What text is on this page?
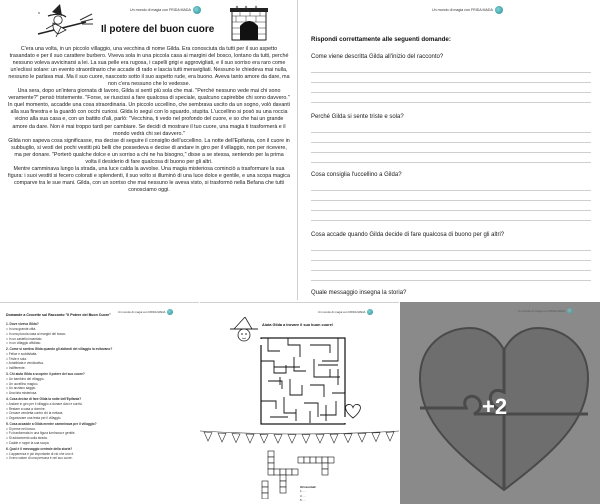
Un mondo di magia con FRIDA MADA
Il potere del buon cuore

C'era una volta, in un piccolo villaggio, una vecchina di nome Gilda. Era conosciuta da tutti per il suo aspetto trasandato e per il suo carattere burbero. Viveva sola in una piccola casa ai margini del bosco, lontano da tutti, perché nessuno voleva avvicinarsi a lei. La sua pelle era rugosa, i capelli grigi e aggrovigliati, e il suo sorriso era raro come un'eclissi solare: un evento straordinario che accade di rado e lascia tutti meravigliati. Nessuno le chiedeva mai nulla, nessuno le parlava mai. Ma il suo cuore, nascosto sotto il suo aspetto rude, era buono. Aveva tanto amore da dare, ma non c'era nessuno che lo vedesse.

Una sera, dopo un'intera giornata di lavoro, Gilda si sentì più sola che mai. "Perché nessuno vede mai chi sono veramente?" pensò tristemente. "Forse, se riuscissi a fare qualcosa di speciale, qualcuno capirebbe chi sono davvero."

In quel momento, accadde una cosa straordinaria. Un piccolo uccellino, che sembrava uscito da un sogno, volò davanti alla sua finestra e la guardò con occhi curiosi. Gilda lo seguì con lo sguardo, stupita. L'uccellino si posò su una roccia vicino alla sua casa e, con un battito d'ali, parlò: "Vecchina, ti vedo nel profondo del cuore, e so che hai un grande amore da dare. Non è mai troppo tardi per cambiare. Se decidi di mostrare il tuo cuore, una magia ti trasformerà e il mondo vedrà chi sei davvero."

Gilda non sapeva cosa significasse, ma decise di seguire il consiglio dell'uccellino. La notte dell'Epifania, con il cuore in subbuglio, si vestì dei pochi vestiti più belli che possedeva e decise di andare in giro per il villaggio, non per ricevere, ma per donare. "Porterò qualche dolce e un sorriso a chi ne ha bisogno," disse a se stessa, sentendo per la prima volta il desiderio di fare qualcosa di buono per gli altri.

Mentre camminava lungo la strada, una luce calda la avvolse. Una magia misteriosa cominciò a trasformare la sua figura: i suoi vestiti si fecero colorati e splendenti, il suo volto si illuminò di una luce dolce e gentile, e una scopa magica comparve tra le sue mani. Gilda, con un sorriso che mai nessuno le aveva visto, si trasformò nella Befana che tutti conosciamo oggi.

Un mondo di magia con FRIDA MADA
Rispondi correttamente alle seguenti domande:
Come viene descritta Gilda all'inizio del racconto?
Perché Gilda si sente triste e sola?
Cosa consiglia l'uccellino a Gilda?
Cosa accade quando Gilda decide di fare qualcosa di buono per gli altri?
Quale messaggio insegna la storia?
Un mondo di magia con FRIDA MADA
Domande a Crocette sul Racconto "Il Potere del Buon Cuore"
1. Dove viveva Gilda?
□ In una grande città.
□ In una piccola casa ai margini del bosco.
□ In un castello incantato.
□ In un villaggio affollato.
2. Come si sentiva Gilda quando gli abitanti del villaggio la evitavano?
□ Felice e soddisfatta.
□ Triste e sola.
□ Arrabbiata e vendicativa.
□ Indifferente.
3. Chi aiuta Gilda a scoprire il potere del suo cuore?
□ Un bambino del villaggio.
□ Un uccellino magico.
□ Un anziano saggio.
□ Una fata misteriosa.
4. Cosa decise di fare Gilda la notte dell'Epifania?
□ Andare in giro per il villaggio a donare dolci e sorrisi.
□ Restare a casa a dormire.
□ Cercare vendetta contro chi la evitava.
□ Organizzare una festa per il villaggio.
5. Cosa accadde a Gilda mentre camminava per il villaggio?
□ Si perse nel bosco.
□ Fu trasformata in una figura luminosa e gentile.
□ Si addormentò sulla strada.
□ Cadde e ruppe la sua scopa.
6. Qual è il messaggio centrale della storia?
□ L'apparenza è più importante di ciò che uno è.
□ Il vero valore di una persona è nel suo cuore.
Un mondo di magia con FRIDA MADA
Aiuta Gilda a trovare il suo buon cuore!
Orizzontali:
1. ...
3. ...
5. ...
Un mondo di magia con FRIDA MADA
+2
